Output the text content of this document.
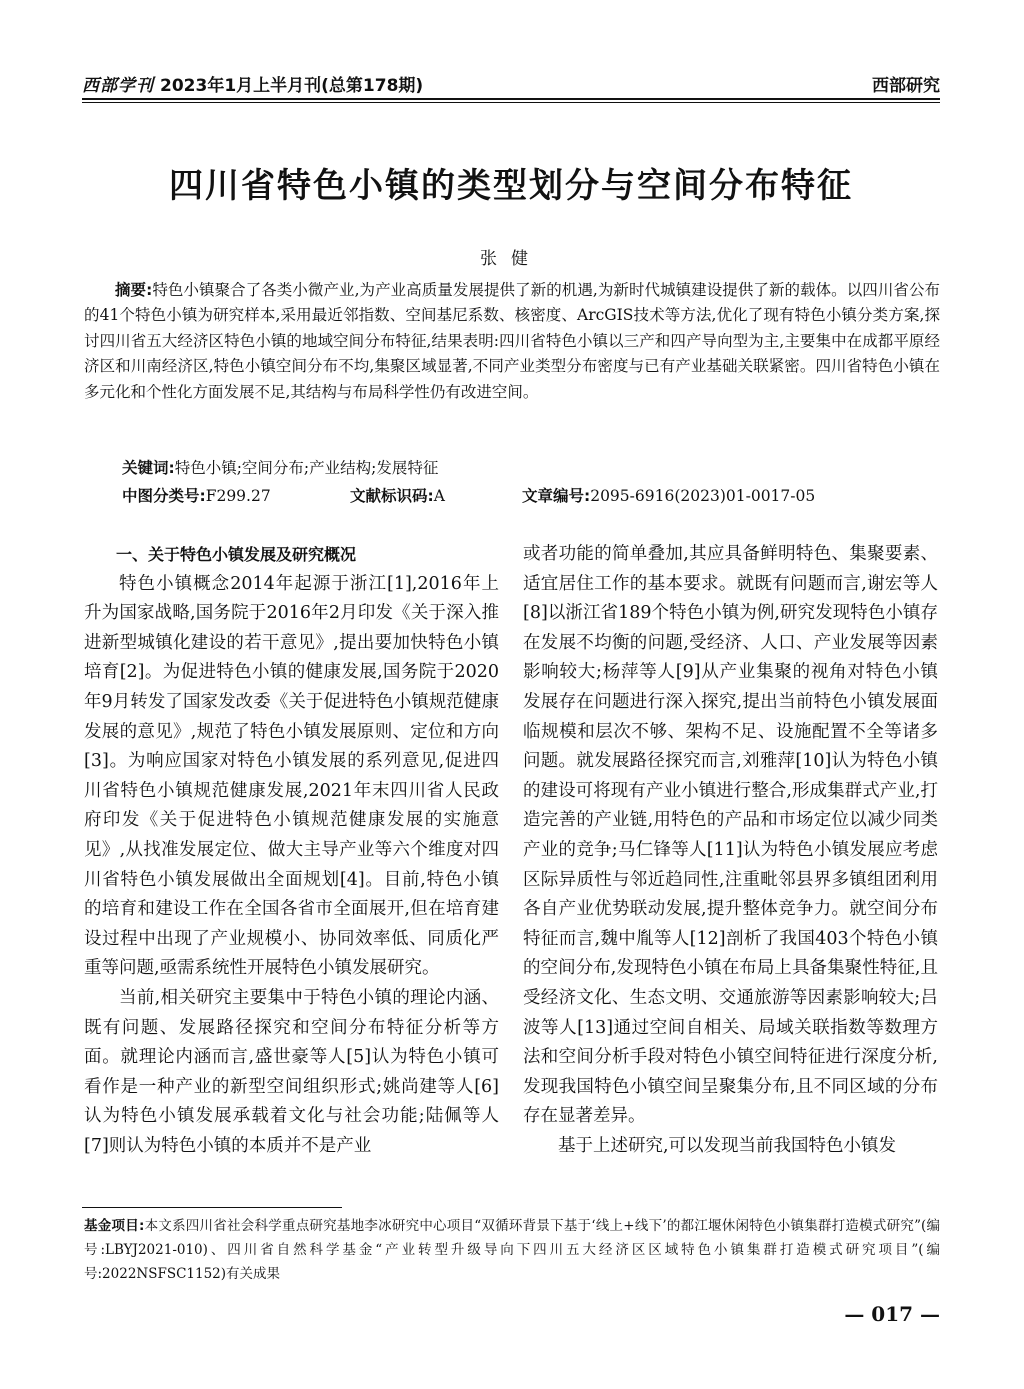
西部学刊 2023年1月上半月刊(总第178期)	西部研究
四川省特色小镇的类型划分与空间分布特征
张健
摘要:特色小镇聚合了各类小微产业,为产业高质量发展提供了新的机遇,为新时代城镇建设提供了新的载体。以四川省公布的41个特色小镇为研究样本,采用最近邻指数、空间基尼系数、核密度、ArcGIS技术等方法,优化了现有特色小镇分类方案,探讨四川省五大经济区特色小镇的地域空间分布特征,结果表明:四川省特色小镇以三产和四产导向型为主,主要集中在成都平原经济区和川南经济区,特色小镇空间分布不均,集聚区域显著,不同产业类型分布密度与已有产业基础关联紧密。四川省特色小镇在多元化和个性化方面发展不足,其结构与布局科学性仍有改进空间。
关键词:特色小镇;空间分布;产业结构;发展特征
中图分类号:F299.27	文献标识码:A	文章编号:2095-6916(2023)01-0017-05

一、关于特色小镇发展及研究概况

特色小镇概念2014年起源于浙江[1],2016年上升为国家战略,国务院于2016年2月印发《关于深入推进新型城镇化建设的若干意见》,提出要加快特色小镇培育[2]。为促进特色小镇的健康发展,国务院于2020年9月转发了国家发改委《关于促进特色小镇规范健康发展的意见》,规范了特色小镇发展原则、定位和方向[3]。为响应国家对特色小镇发展的系列意见,促进四川省特色小镇规范健康发展,2021年末四川省人民政府印发《关于促进特色小镇规范健康发展的实施意见》,从找准发展定位、做大主导产业等六个维度对四川省特色小镇发展做出全面规划[4]。目前,特色小镇的培育和建设工作在全国各省市全面展开,但在培育建设过程中出现了产业规模小、协同效率低、同质化严重等问题,亟需系统性开展特色小镇发展研究。

当前,相关研究主要集中于特色小镇的理论内涵、既有问题、发展路径探究和空间分布特征分析等方面。就理论内涵而言,盛世豪等人[5]认为特色小镇可看作是一种产业的新型空间组织形式;姚尚建等人[6]认为特色小镇发展承载着文化与社会功能;陆佩等人[7]则认为特色小镇的本质并不是产业

或者功能的简单叠加,其应具备鲜明特色、集聚要素、适宜居住工作的基本要求。就既有问题而言,谢宏等人[8]以浙江省189个特色小镇为例,研究发现特色小镇存在发展不均衡的问题,受经济、人口、产业发展等因素影响较大;杨萍等人[9]从产业集聚的视角对特色小镇发展存在问题进行深入探究,提出当前特色小镇发展面临规模和层次不够、架构不足、设施配置不全等诸多问题。就发展路径探究而言,刘雅萍[10]认为特色小镇的建设可将现有产业小镇进行整合,形成集群式产业,打造完善的产业链,用特色的产品和市场定位以减少同类产业的竞争;马仁锋等人[11]认为特色小镇发展应考虑区际异质性与邻近趋同性,注重毗邻县界多镇组团利用各自产业优势联动发展,提升整体竞争力。就空间分布特征而言,魏中胤等人[12]剖析了我国403个特色小镇的空间分布,发现特色小镇在布局上具备集聚性特征,且受经济文化、生态文明、交通旅游等因素影响较大;吕波等人[13]通过空间自相关、局域关联指数等数理方法和空间分析手段对特色小镇空间特征进行深度分析,发现我国特色小镇空间呈聚集分布,且不同区域的分布存在显著差异。

基于上述研究,可以发现当前我国特色小镇发

基金项目:本文系四川省社会科学重点研究基地李冰研究中心项目“双循环背景下基于‘线上+线下’的都江堰休闲特色小镇集群打造模式研究”(编号:LBYJ2021-010)、四川省自然科学基金“产业转型升级导向下四川五大经济区区域特色小镇集群打造模式研究项目”(编号:2022NSFSC1152)有关成果
— 017 —
